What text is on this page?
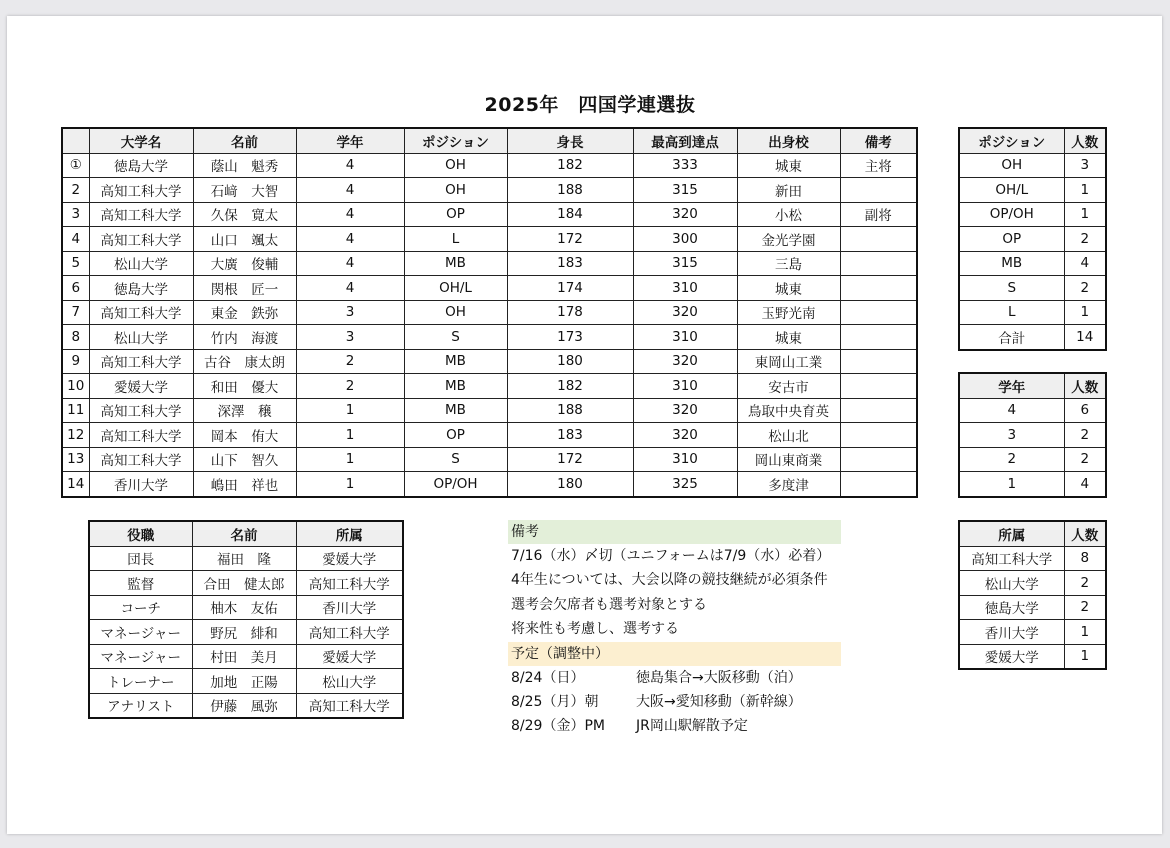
2025年　四国学連選抜
	大学名	名前	学年	ポジション	身長	最高到達点	出身校	備考
①	徳島大学	蔭山　魁秀	4	OH	182	333	城東	主将
2	高知工科大学	石﨑　大智	4	OH	188	315	新田	
3	高知工科大学	久保　寛太	4	OP	184	320	小松	副将
4	高知工科大学	山口　颯太	4	L	172	300	金光学園	
5	松山大学	大廣　俊輔	4	MB	183	315	三島	
6	徳島大学	関根　匠一	4	OH/L	174	310	城東	
7	高知工科大学	東金　鉄弥	3	OH	178	320	玉野光南	
8	松山大学	竹内　海渡	3	S	173	310	城東	
9	高知工科大学	古谷　康太朗	2	MB	180	320	東岡山工業	
10	愛媛大学	和田　優大	2	MB	182	310	安古市	
11	高知工科大学	深澤　穣	1	MB	188	320	鳥取中央育英	
12	高知工科大学	岡本　侑大	1	OP	183	320	松山北	
13	高知工科大学	山下　智久	1	S	172	310	岡山東商業	
14	香川大学	嶋田　祥也	1	OP/OH	180	325	多度津	
ポジション	人数
OH	3
OH/L	1
OP/OH	1
OP	2
MB	4
S	2
L	1
合計	14
学年	人数
4	6
3	2
2	2
1	4
所属	人数
高知工科大学	8
松山大学	2
徳島大学	2
香川大学	1
愛媛大学	1
役職	名前	所属
団長	福田　隆	愛媛大学
監督	合田　健太郎	高知工科大学
コーチ	柚木　友佑	香川大学
マネージャー	野尻　緋和	高知工科大学
マネージャー	村田　美月	愛媛大学
トレーナー	加地　正陽	松山大学
アナリスト	伊藤　風弥	高知工科大学
備考
7/16（水）〆切（ユニフォームは7/9（水）必着）
4年生については、大会以降の競技継続が必須条件
選考会欠席者も選考対象とする
将来性も考慮し、選考する
予定（調整中）
8/24（日）	徳島集合→大阪移動（泊）
8/25（月）朝	大阪→愛知移動（新幹線）
8/29（金）PM	JR岡山駅解散予定
